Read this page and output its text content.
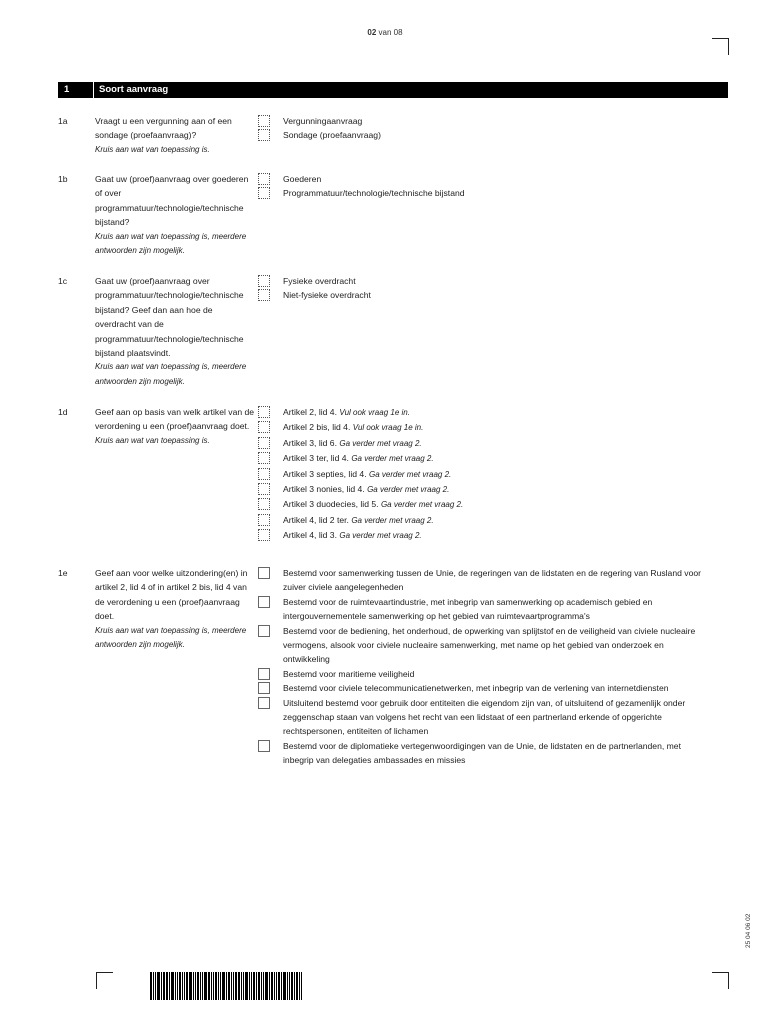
02 van 08
1	Soort aanvraag
1a	Vraagt u een vergunning aan of een sondage (proefaanvraag)?
Kruis aan wat van toepassing is.
Vergunningaanvraag
Sondage (proefaanvraag)
1b	Gaat uw (proef)aanvraag over goederen of over programmatuur/technologie/technische bijstand?
Kruis aan wat van toepassing is, meerdere antwoorden zijn mogelijk.
Goederen
Programmatuur/technologie/technische bijstand
1c	Gaat uw (proef)aanvraag over programmatuur/technologie/technische bijstand? Geef dan aan hoe de overdracht van de programmatuur/technologie/technische bijstand plaatsvindt.
Kruis aan wat van toepassing is, meerdere antwoorden zijn mogelijk.
Fysieke overdracht
Niet-fysieke overdracht
1d	Geef aan op basis van welk artikel van de verordening u een (proef)aanvraag doet.
Kruis aan wat van toepassing is.
Artikel 2, lid 4. Vul ook vraag 1e in.
Artikel 2 bis, lid 4. Vul ook vraag 1e in.
Artikel 3, lid 6. Ga verder met vraag 2.
Artikel 3 ter, lid 4. Ga verder met vraag 2.
Artikel 3 septies, lid 4. Ga verder met vraag 2.
Artikel 3 nonies, lid 4. Ga verder met vraag 2.
Artikel 3 duodecies, lid 5. Ga verder met vraag 2.
Artikel 4, lid 2 ter. Ga verder met vraag 2.
Artikel 4, lid 3. Ga verder met vraag 2.
1e	Geef aan voor welke uitzondering(en) in artikel 2, lid 4 of in artikel 2 bis, lid 4 van de verordening u een (proef)aanvraag doet.
Kruis aan wat van toepassing is, meerdere antwoorden zijn mogelijk.
Bestemd voor samenwerking tussen de Unie, de regeringen van de lidstaten en de regering van Rusland voor zuiver civiele aangelegenheden
Bestemd voor de ruimtevaartindustrie, met inbegrip van samenwerking op academisch gebied en intergouvernementele samenwerking op het gebied van ruimtevaartprogramma's
Bestemd voor de bediening, het onderhoud, de opwerking van splijtstof en de veiligheid van civiele nucleaire vermogens, alsook voor civiele nucleaire samenwerking, met name op het gebied van onderzoek en ontwikkeling
Bestemd voor maritieme veiligheid
Bestemd voor civiele telecommunicatienetwerken, met inbegrip van de verlening van internetdiensten
Uitsluitend bestemd voor gebruik door entiteiten die eigendom zijn van, of uitsluitend of gezamenlijk onder zeggenschap staan van volgens het recht van een lidstaat of een partnerland erkende of opgerichte rechtspersonen, entiteiten of lichamen
Bestemd voor de diplomatieke vertegenwoordigingen van de Unie, de lidstaten en de partnerlanden, met inbegrip van delegaties ambassades en missies
25 04 06 02
